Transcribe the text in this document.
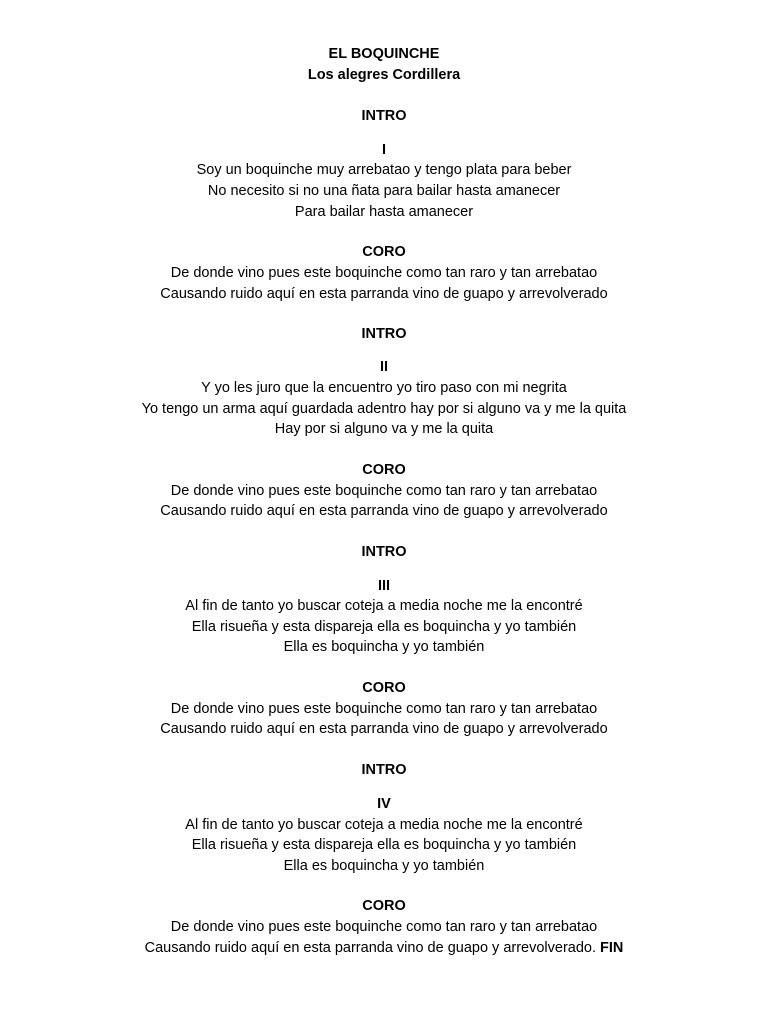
EL BOQUINCHE
Los alegres Cordillera
INTRO
I
Soy un boquinche muy arrebatao y tengo plata para beber
No necesito si no una ñata para bailar hasta amanecer
Para bailar hasta amanecer
CORO
De donde vino pues este boquinche como tan raro y tan arrebatao
Causando ruido aquí en esta parranda vino de guapo y arrevolverado
INTRO
II
Y yo les juro que la encuentro yo tiro paso con mi negrita
Yo tengo un arma aquí guardada adentro hay por si alguno va y me la quita
Hay por si alguno va y me la quita
CORO
De donde vino pues este boquinche como tan raro y tan arrebatao
Causando ruido aquí en esta parranda vino de guapo y arrevolverado
INTRO
III
Al fin de tanto yo buscar coteja a media noche me la encontré
Ella risueña y esta dispareja ella es boquincha y yo también
Ella es boquincha y yo también
CORO
De donde vino pues este boquinche como tan raro y tan arrebatao
Causando ruido aquí en esta parranda vino de guapo y arrevolverado
INTRO
IV
Al fin de tanto yo buscar coteja a media noche me la encontré
Ella risueña y esta dispareja ella es boquincha y yo también
Ella es boquincha y yo también
CORO
De donde vino pues este boquinche como tan raro y tan arrebatao
Causando ruido aquí en esta parranda vino de guapo y arrevolverado. FIN
